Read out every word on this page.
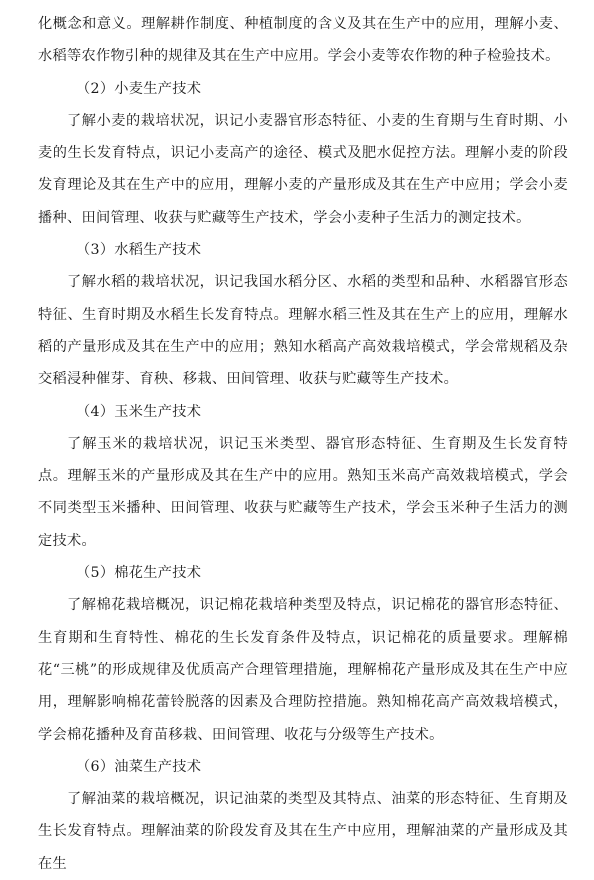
化概念和意义。理解耕作制度、种植制度的含义及其在生产中的应用，理解小麦、水稻等农作物引种的规律及其在生产中应用。学会小麦等农作物的种子检验技术。

（2）小麦生产技术

了解小麦的栽培状况，识记小麦器官形态特征、小麦的生育期与生育时期、小麦的生长发育特点，识记小麦高产的途径、模式及肥水促控方法。理解小麦的阶段发育理论及其在生产中的应用，理解小麦的产量形成及其在生产中应用；学会小麦播种、田间管理、收获与贮藏等生产技术，学会小麦种子生活力的测定技术。

（3）水稻生产技术

了解水稻的栽培状况，识记我国水稻分区、水稻的类型和品种、水稻器官形态特征、生育时期及水稻生长发育特点。理解水稻三性及其在生产上的应用，理解水稻的产量形成及其在生产中的应用；熟知水稻高产高效栽培模式，学会常规稻及杂交稻浸种催芽、育秧、移栽、田间管理、收获与贮藏等生产技术。

（4）玉米生产技术

了解玉米的栽培状况，识记玉米类型、器官形态特征、生育期及生长发育特点。理解玉米的产量形成及其在生产中的应用。熟知玉米高产高效栽培模式，学会不同类型玉米播种、田间管理、收获与贮藏等生产技术，学会玉米种子生活力的测定技术。

（5）棉花生产技术

了解棉花栽培概况，识记棉花栽培种类型及特点，识记棉花的器官形态特征、生育期和生育特性、棉花的生长发育条件及特点，识记棉花的质量要求。理解棉花“三桃”的形成规律及优质高产合理管理措施，理解棉花产量形成及其在生产中应用，理解影响棉花蕾铃脱落的因素及合理防控措施。熟知棉花高产高效栽培模式，学会棉花播种及育苗移栽、田间管理、收花与分级等生产技术。

（6）油菜生产技术

了解油菜的栽培概况，识记油菜的类型及其特点、油菜的形态特征、生育期及生长发育特点。理解油菜的阶段发育及其在生产中应用，理解油菜的产量形成及其在生
